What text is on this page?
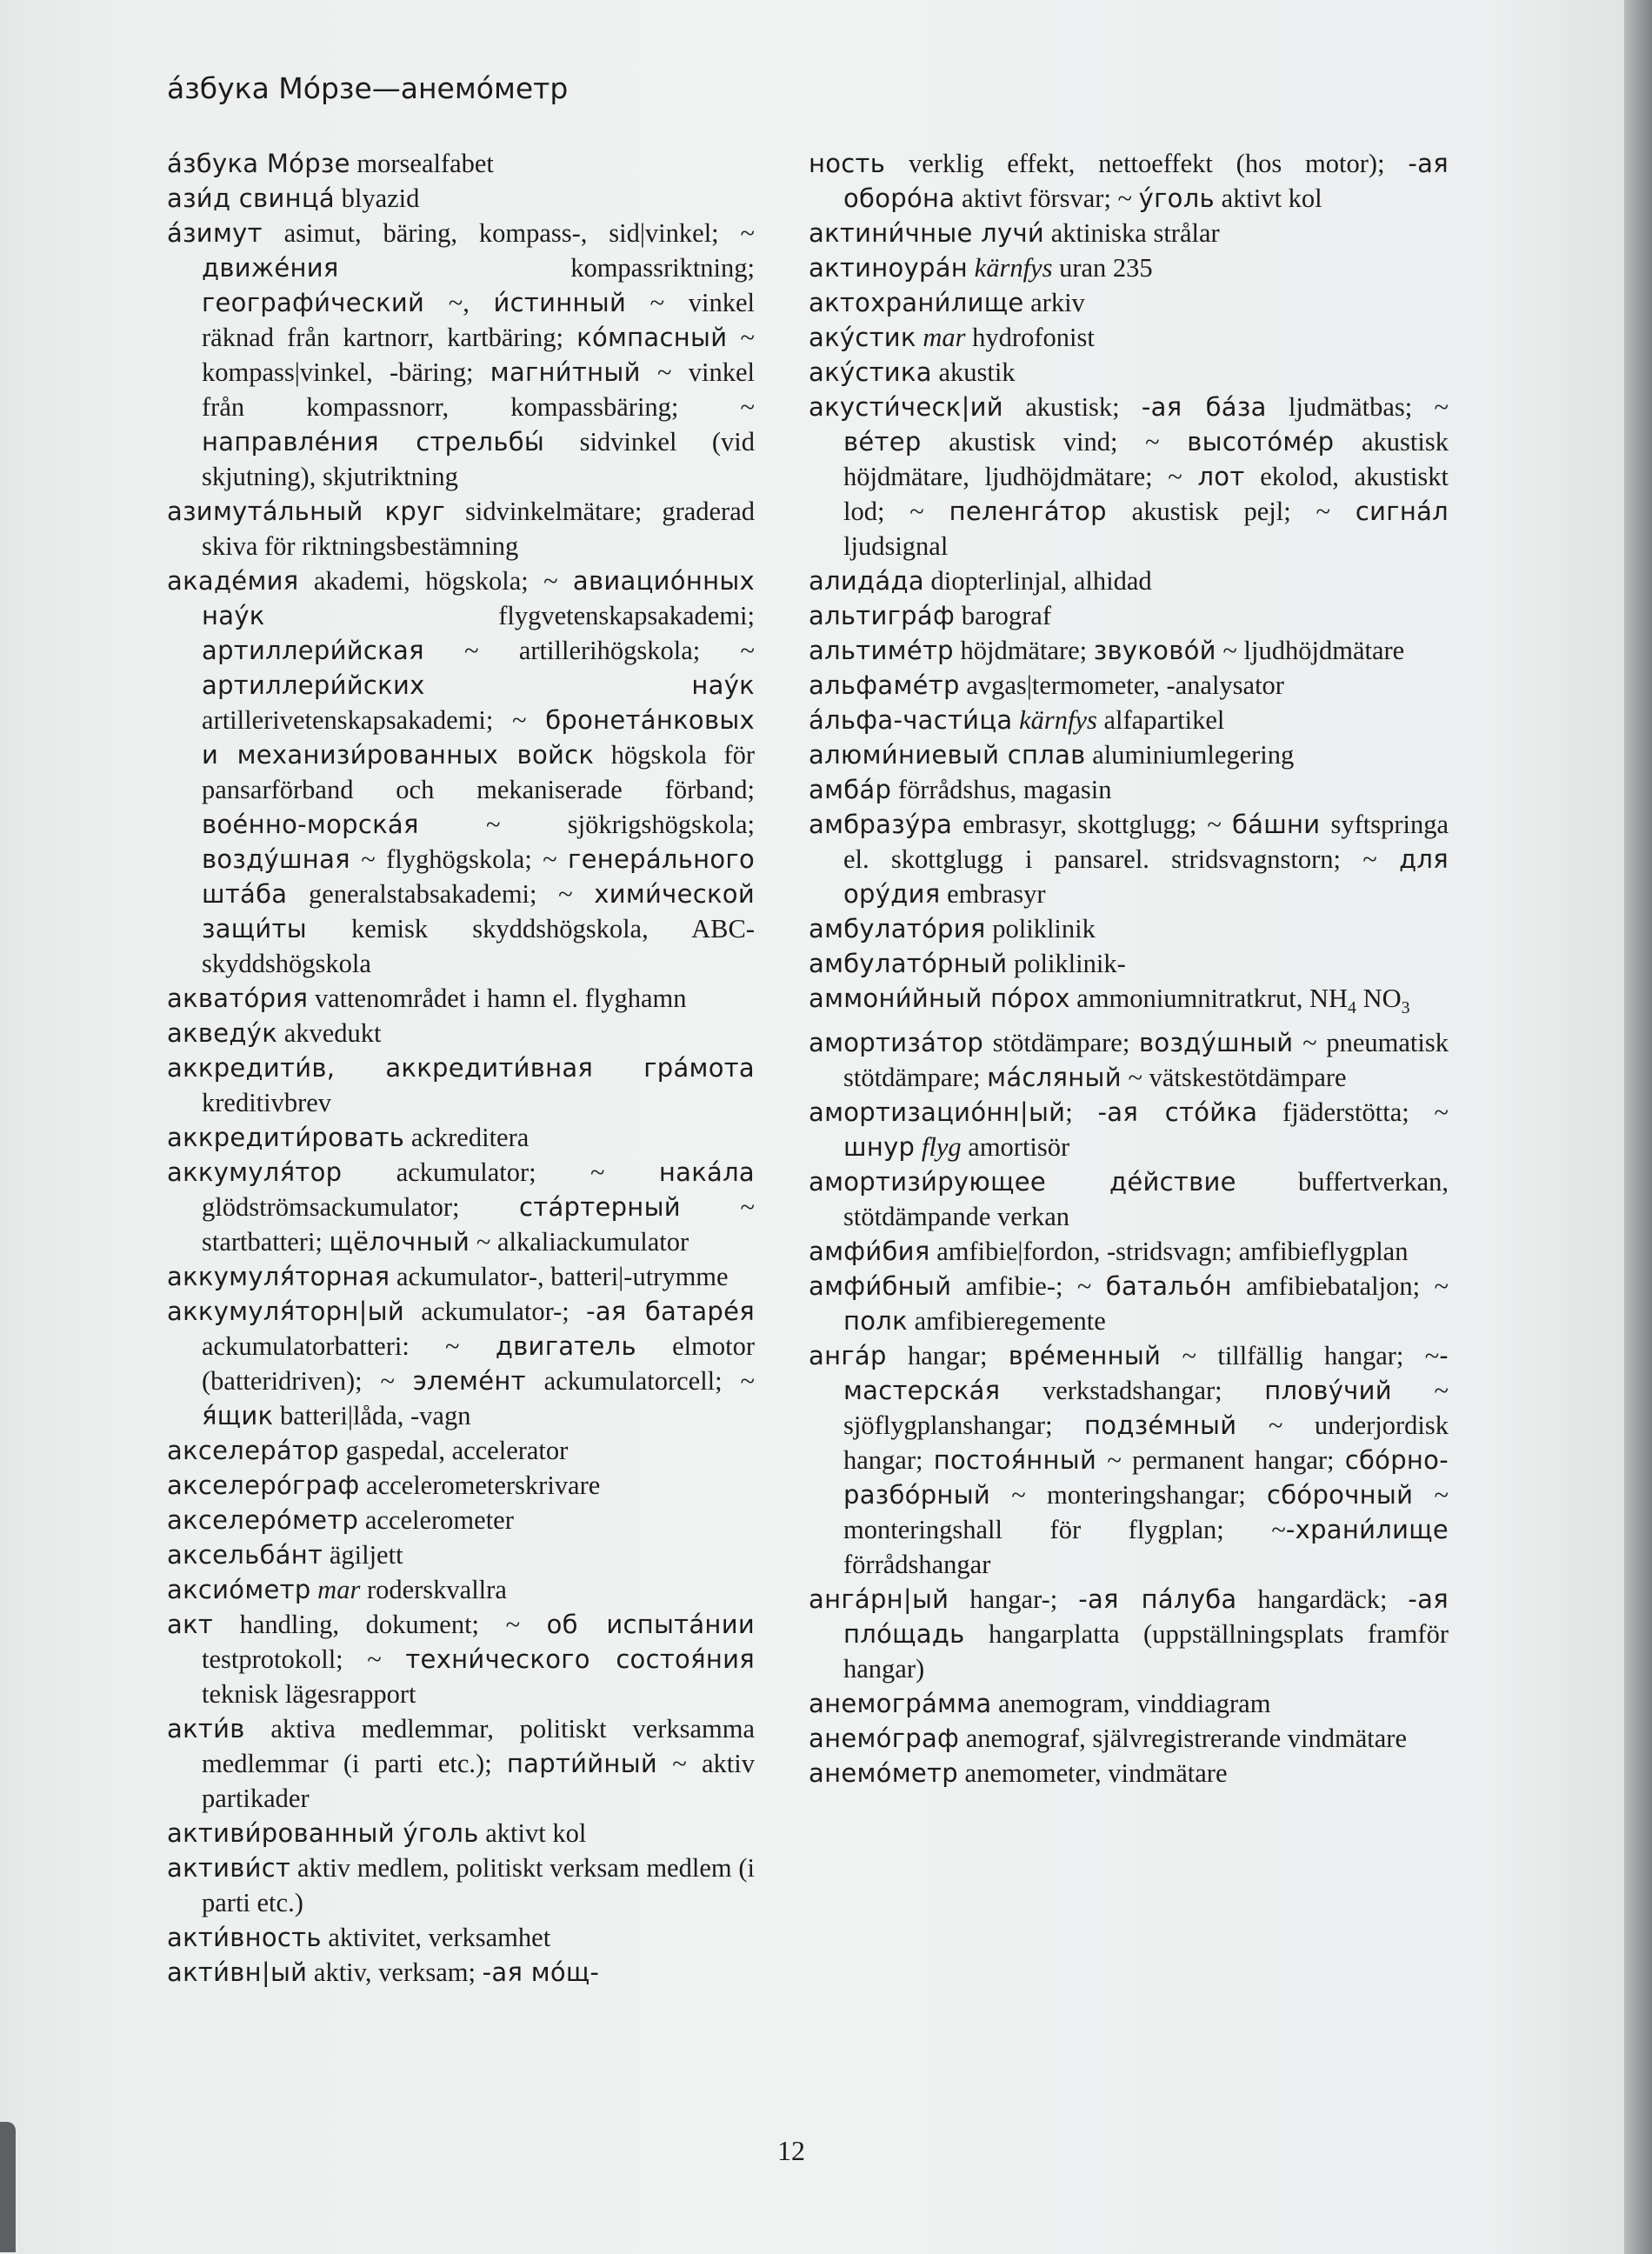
а́збука Мо́рзе—анемо́метр

а́збука Мо́рзе morsealfabet

ази́д свинца́ blyazid

а́зимут asimut, bäring, kompass-, sid|vinkel; ~ движе́ния kompassriktning; географи́ческий ~, и́стинный ~ vinkel räknad från kartnorr, kartbäring; ко́мпасный ~ kompass|vinkel, -bäring; магни́тный ~ vinkel från kompassnorr, kompassbäring; ~ направле́ния стрельбы́ sidvinkel (vid skjutning), skjutriktning

азимута́льный круг sidvinkelmätare; graderad skiva för riktningsbestämning

акаде́мия akademi, högskola; ~ авиацио́нных нау́к flygvetenskapsakademi; артиллери́йская ~ artillerihögskola; ~ артиллери́йских нау́к artillerivetenskapsakademi; ~ бронета́нковых и механизи́рованных войск högskola för pansarförband och mekaniserade förband; вое́нно-морска́я ~ sjökrigshögskola; возду́шная ~ flyghögskola; ~ генера́льного шта́ба generalstabsakademi; ~ хими́ческой защи́ты kemisk skyddshögskola, ABC-skyddshögskola

аквато́рия vattenområdet i hamn el. flyghamn

акведу́к akvedukt

аккредити́в, аккредити́вная гра́мота kreditivbrev

аккредити́ровать ackreditera

аккумуля́тор ackumulator; ~ нака́ла glödströmsackumulator; ста́ртерный ~ startbatteri; щёлочный ~ alkaliackumulator

аккумуля́торная ackumulator-, batteri|-utrymme

аккумуля́торн|ый ackumulator-; -ая батаре́я ackumulatorbatteri: ~ двигатель elmotor (batteridriven); ~ элеме́нт ackumulatorcell; ~ я́щик batteri|låda, -vagn

акселера́тор gaspedal, accelerator

акселеро́граф accelerometerskrivare

акселеро́метр accelerometer

аксельба́нт ägiljett

аксио́метр mar roderskvallra

акт handling, dokument; ~ об испыта́нии testprotokoll; ~ техни́ческого состоя́ния teknisk lägesrapport

акти́в aktiva medlemmar, politiskt verksamma medlemmar (i parti etc.); парти́йный ~ aktiv partikader

активи́рованный у́голь aktivt kol

активи́ст aktiv medlem, politiskt verksam medlem (i parti etc.)

акти́вность aktivitet, verksamhet

акти́вн|ый aktiv, verksam; -ая мо́щ-

ность verklig effekt, nettoeffekt (hos motor); -ая оборо́на aktivt försvar; ~ у́голь aktivt kol

актини́чные лучи́ aktiniska strålar

актиноура́н kärnfys uran 235

актохрани́лище arkiv

аку́стик mar hydrofonist

аку́стика akustik

акусти́ческ|ий akustisk; -ая ба́за ljudmätbas; ~ ве́тер akustisk vind; ~ высото́ме́р akustisk höjdmätare, ljudhöjdmätare; ~ лот ekolod, akustiskt lod; ~ пеленга́тор akustisk pejl; ~ сигна́л ljudsignal

алида́да diopterlinjal, alhidad

альтигра́ф barograf

альтиме́тр höjdmätare; звуково́й ~ ljudhöjdmätare

альфаме́тр avgas|termometer, -analysator

а́льфа-части́ца kärnfys alfapartikel

алюми́ниевый сплав aluminiumlegering

амба́р förrådshus, magasin

амбразу́ра embrasyr, skottglugg; ~ ба́шни syftspringa el. skottglugg i pansarel. stridsvagnstorn; ~ для ору́дия embrasyr

амбулато́рия poliklinik

амбулато́рный poliklinik-

аммони́йный по́рох ammoniumnitratkrut, $NH_4$ $NO_3$

амортиза́тор stötdämpare; возду́шный ~ pneumatisk stötdämpare; ма́сляный ~ vätskestötdämpare

амортизацио́нн|ый; -ая сто́йка fjäderstötta; ~ шнур flyg amortisör

амортизи́рующее де́йствие buffertverkan, stötdämpande verkan

амфи́бия amfibie|fordon, -stridsvagn; amfibieflygplan

амфи́бный amfibie-; ~ батальо́н amfibiebataljon; ~ полк amfibieregemente

анга́р hangar; вре́менный ~ tillfällig hangar; ~-мастерска́я verkstadshangar; плову́чий ~ sjöflygplanshangar; подзе́мный ~ underjordisk hangar; постоя́нный ~ permanent hangar; сбо́рно-разбо́рный ~ monteringshangar; сбо́рочный ~ monteringshall för flygplan; ~-храни́лище förrådshangar

анга́рн|ый hangar-; -ая па́луба hangardäck; -ая пло́щадь hangarplatta (uppställningsplats framför hangar)

анемогра́мма anemogram, vinddiagram

анемо́граф anemograf, självregistrerande vindmätare

анемо́метр anemometer, vindmätare

12
